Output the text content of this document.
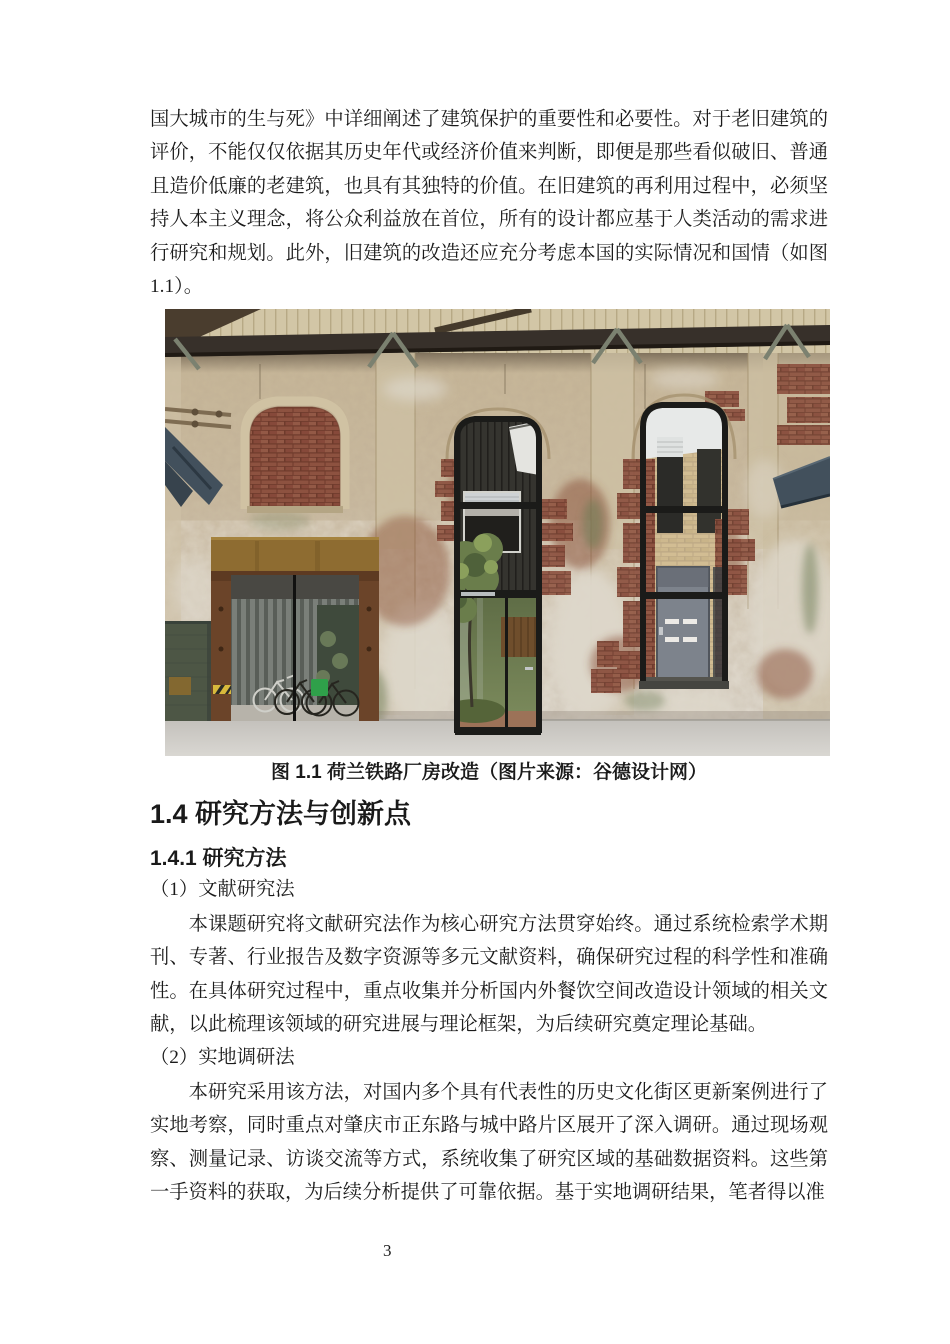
国大城市的生与死》中详细阐述了建筑保护的重要性和必要性。对于老旧建筑的评价，不能仅仅依据其历史年代或经济价值来判断，即便是那些看似破旧、普通且造价低廉的老建筑，也具有其独特的价值。在旧建筑的再利用过程中，必须坚持人本主义理念，将公众利益放在首位，所有的设计都应基于人类活动的需求进行研究和规划。此外，旧建筑的改造还应充分考虑本国的实际情况和国情（如图1.1）。
图 1.1 荷兰铁路厂房改造（图片来源：谷德设计网）
1.4 研究方法与创新点
1.4.1 研究方法
（1）文献研究法
本课题研究将文献研究法作为核心研究方法贯穿始终。通过系统检索学术期刊、专著、行业报告及数字资源等多元文献资料，确保研究过程的科学性和准确性。在具体研究过程中，重点收集并分析国内外餐饮空间改造设计领域的相关文献，以此梳理该领域的研究进展与理论框架，为后续研究奠定理论基础。
（2）实地调研法
本研究采用该方法，对国内多个具有代表性的历史文化街区更新案例进行了实地考察，同时重点对肇庆市正东路与城中路片区展开了深入调研。通过现场观察、测量记录、访谈交流等方式，系统收集了研究区域的基础数据资料。这些第一手资料的获取，为后续分析提供了可靠依据。基于实地调研结果，笔者得以准
3
